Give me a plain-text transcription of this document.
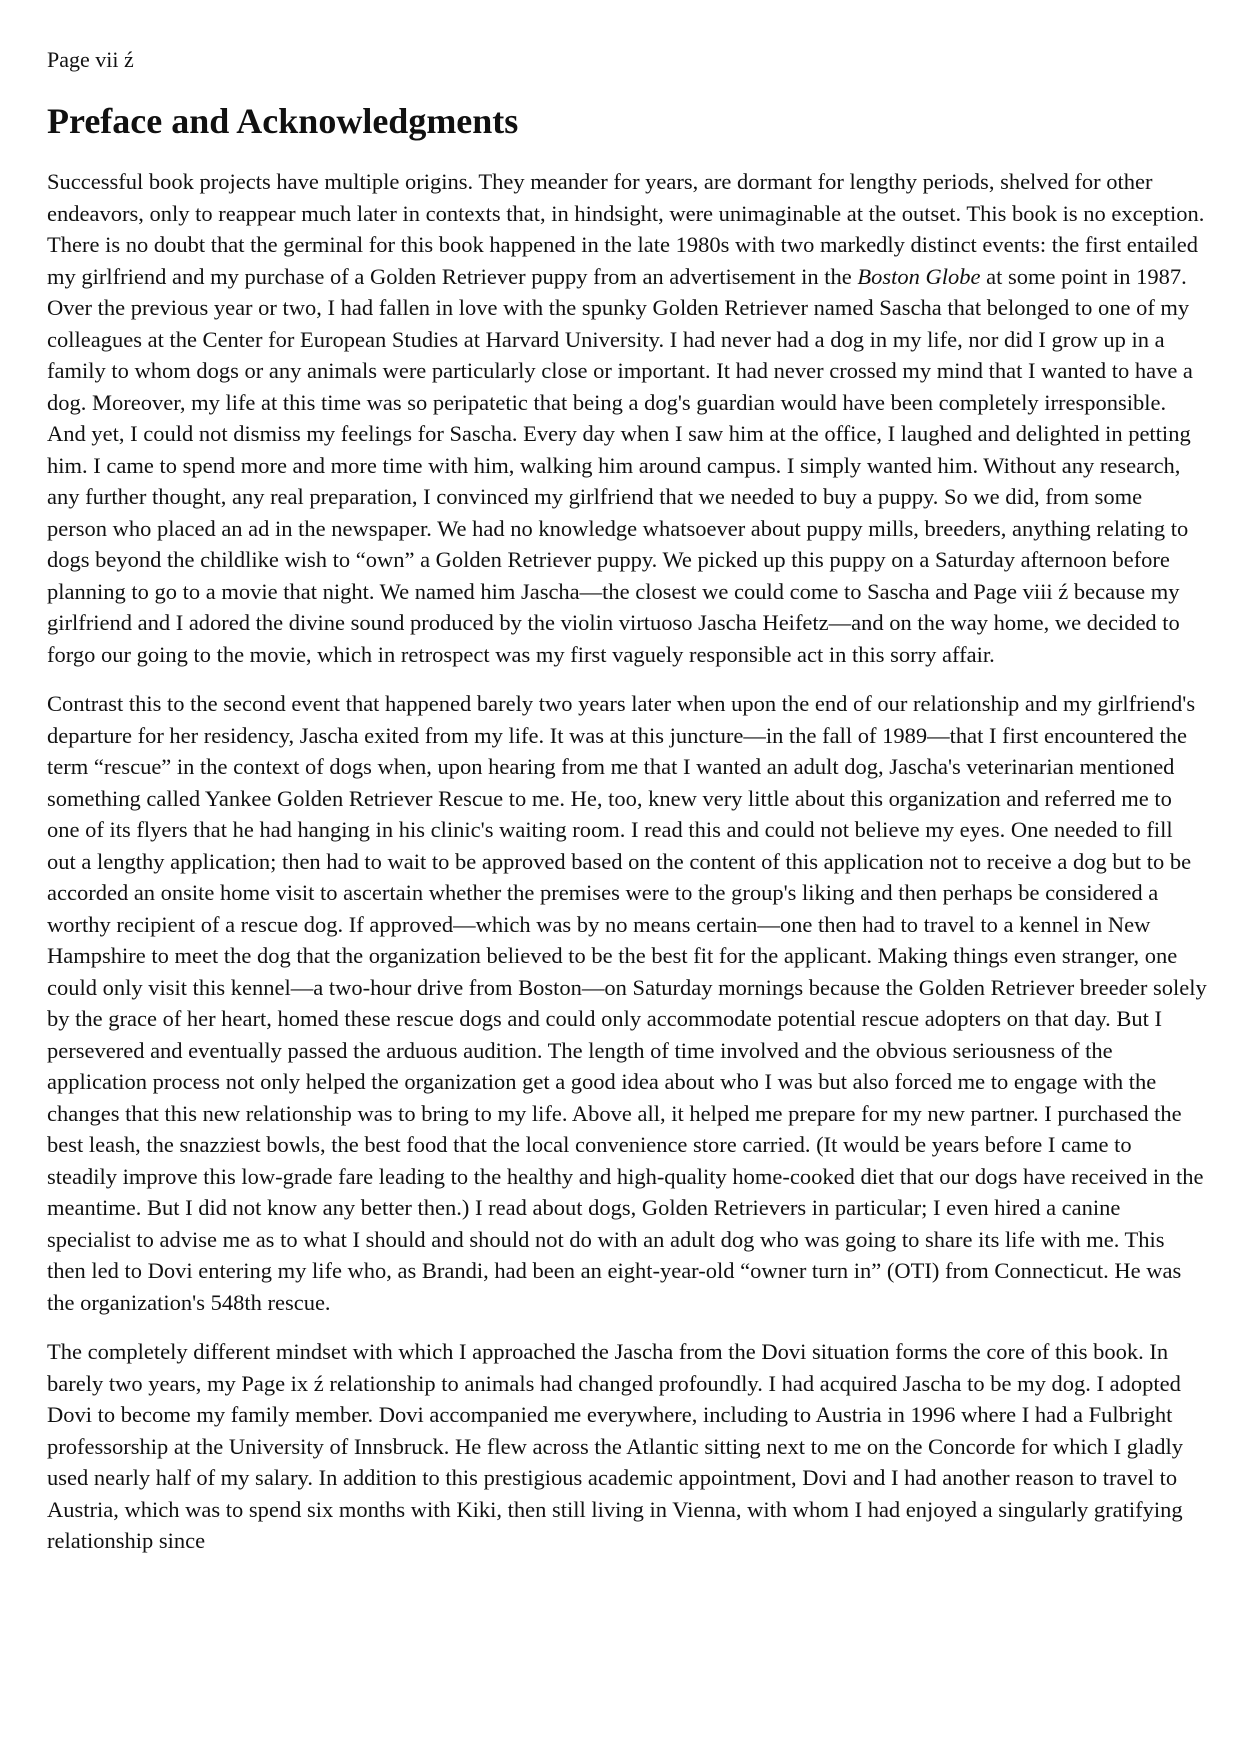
Page vii ź

Preface and Acknowledgments

Successful book projects have multiple origins. They meander for years, are dormant for lengthy periods, shelved for other endeavors, only to reappear much later in contexts that, in hindsight, were unimaginable at the outset. This book is no exception. There is no doubt that the germinal for this book happened in the late 1980s with two markedly distinct events: the first entailed my girlfriend and my purchase of a Golden Retriever puppy from an advertisement in the Boston Globe at some point in 1987. Over the previous year or two, I had fallen in love with the spunky Golden Retriever named Sascha that belonged to one of my colleagues at the Center for European Studies at Harvard University. I had never had a dog in my life, nor did I grow up in a family to whom dogs or any animals were particularly close or important. It had never crossed my mind that I wanted to have a dog. Moreover, my life at this time was so peripatetic that being a dog's guardian would have been completely irresponsible. And yet, I could not dismiss my feelings for Sascha. Every day when I saw him at the office, I laughed and delighted in petting him. I came to spend more and more time with him, walking him around campus. I simply wanted him. Without any research, any further thought, any real preparation, I convinced my girlfriend that we needed to buy a puppy. So we did, from some person who placed an ad in the newspaper. We had no knowledge whatsoever about puppy mills, breeders, anything relating to dogs beyond the childlike wish to “own” a Golden Retriever puppy. We picked up this puppy on a Saturday afternoon before planning to go to a movie that night. We named him Jascha—the closest we could come to Sascha and Page viii ź because my girlfriend and I adored the divine sound produced by the violin virtuoso Jascha Heifetz—and on the way home, we decided to forgo our going to the movie, which in retrospect was my first vaguely responsible act in this sorry affair.

Contrast this to the second event that happened barely two years later when upon the end of our relationship and my girlfriend's departure for her residency, Jascha exited from my life. It was at this juncture—in the fall of 1989—that I first encountered the term “rescue” in the context of dogs when, upon hearing from me that I wanted an adult dog, Jascha's veterinarian mentioned something called Yankee Golden Retriever Rescue to me. He, too, knew very little about this organization and referred me to one of its flyers that he had hanging in his clinic's waiting room. I read this and could not believe my eyes. One needed to fill out a lengthy application; then had to wait to be approved based on the content of this application not to receive a dog but to be accorded an onsite home visit to ascertain whether the premises were to the group's liking and then perhaps be considered a worthy recipient of a rescue dog. If approved—which was by no means certain—one then had to travel to a kennel in New Hampshire to meet the dog that the organization believed to be the best fit for the applicant. Making things even stranger, one could only visit this kennel—a two-hour drive from Boston—on Saturday mornings because the Golden Retriever breeder solely by the grace of her heart, homed these rescue dogs and could only accommodate potential rescue adopters on that day. But I persevered and eventually passed the arduous audition. The length of time involved and the obvious seriousness of the application process not only helped the organization get a good idea about who I was but also forced me to engage with the changes that this new relationship was to bring to my life. Above all, it helped me prepare for my new partner. I purchased the best leash, the snazziest bowls, the best food that the local convenience store carried. (It would be years before I came to steadily improve this low-grade fare leading to the healthy and high-quality home-cooked diet that our dogs have received in the meantime. But I did not know any better then.) I read about dogs, Golden Retrievers in particular; I even hired a canine specialist to advise me as to what I should and should not do with an adult dog who was going to share its life with me. This then led to Dovi entering my life who, as Brandi, had been an eight-year-old “owner turn in” (OTI) from Connecticut. He was the organization's 548th rescue.

The completely different mindset with which I approached the Jascha from the Dovi situation forms the core of this book. In barely two years, my Page ix ź relationship to animals had changed profoundly. I had acquired Jascha to be my dog. I adopted Dovi to become my family member. Dovi accompanied me everywhere, including to Austria in 1996 where I had a Fulbright professorship at the University of Innsbruck. He flew across the Atlantic sitting next to me on the Concorde for which I gladly used nearly half of my salary. In addition to this prestigious academic appointment, Dovi and I had another reason to travel to Austria, which was to spend six months with Kiki, then still living in Vienna, with whom I had enjoyed a singularly gratifying relationship since
